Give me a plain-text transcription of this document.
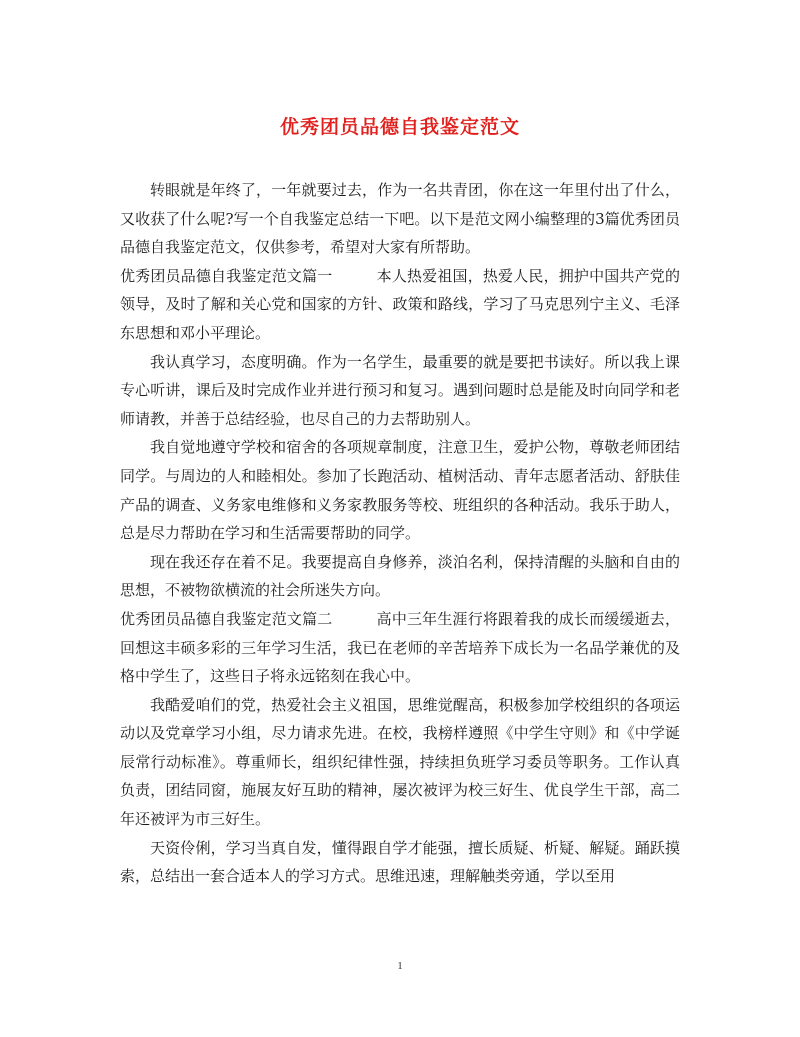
优秀团员品德自我鉴定范文

转眼就是年终了，一年就要过去，作为一名共青团，你在这一年里付出了什么，又收获了什么呢?写一个自我鉴定总结一下吧。以下是范文网小编整理的3篇优秀团员品德自我鉴定范文，仅供参考，希望对大家有所帮助。

优秀团员品德自我鉴定范文篇一	本人热爱祖国，热爱人民，拥护中国共产党的领导，及时了解和关心党和国家的方针、政策和路线，学习了马克思列宁主义、毛泽东思想和邓小平理论。

我认真学习，态度明确。作为一名学生，最重要的就是要把书读好。所以我上课专心听讲，课后及时完成作业并进行预习和复习。遇到问题时总是能及时向同学和老师请教，并善于总结经验，也尽自己的力去帮助别人。

我自觉地遵守学校和宿舍的各项规章制度，注意卫生，爱护公物，尊敬老师团结同学。与周边的人和睦相处。参加了长跑活动、植树活动、青年志愿者活动、舒肤佳产品的调查、义务家电维修和义务家教服务等校、班组织的各种活动。我乐于助人，总是尽力帮助在学习和生活需要帮助的同学。

现在我还存在着不足。我要提高自身修养，淡泊名利，保持清醒的头脑和自由的思想，不被物欲横流的社会所迷失方向。

优秀团员品德自我鉴定范文篇二	高中三年生涯行将跟着我的成长而缓缓逝去，回想这丰硕多彩的三年学习生活，我已在老师的辛苦培养下成长为一名品学兼优的及格中学生了，这些日子将永远铭刻在我心中。

我酷爱咱们的党，热爱社会主义祖国，思维觉醒高，积极参加学校组织的各项运动以及党章学习小组，尽力请求先进。在校，我榜样遵照《中学生守则》和《中学诞辰常行动标准》。尊重师长，组织纪律性强，持续担负班学习委员等职务。工作认真负责，团结同窗，施展友好互助的精神，屡次被评为校三好生、优良学生干部，高二年还被评为市三好生。

天资伶俐，学习当真自发，懂得跟自学才能强，擅长质疑、析疑、解疑。踊跃摸索，总结出一套合适本人的学习方式。思维迅速，理解触类旁通，学以至用

1
